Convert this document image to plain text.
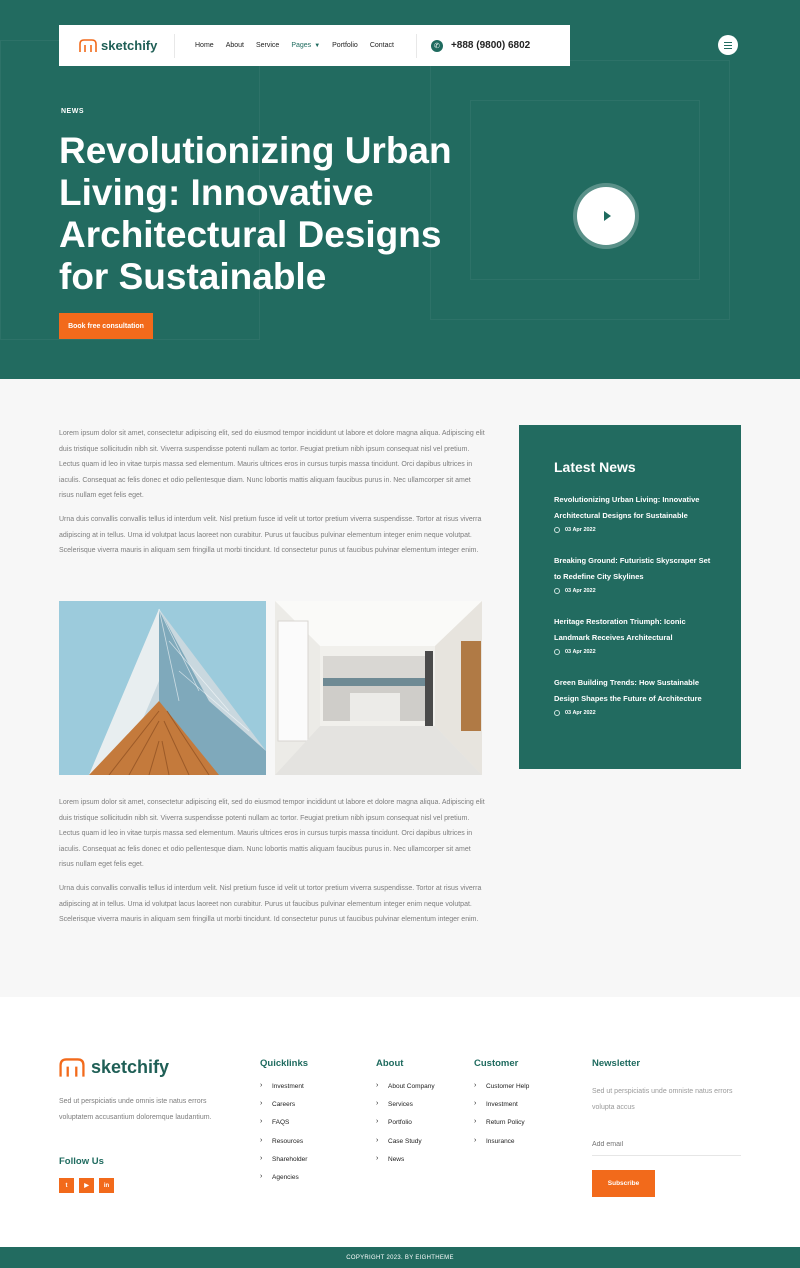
sketchify	Home About Service Pages ▼ Portfolio Contact	✆	+888 (9800) 6802
NEWS
Revolutionizing Urban Living: Innovative Architectural Designs for Sustainable
Book free consultation

Lorem ipsum dolor sit amet, consectetur adipiscing elit, sed do eiusmod tempor incididunt ut labore et dolore magna aliqua. Adipiscing elit duis tristique sollicitudin nibh sit. Viverra suspendisse potenti nullam ac tortor. Feugiat pretium nibh ipsum consequat nisl vel pretium. Lectus quam id leo in vitae turpis massa sed elementum. Mauris ultrices eros in cursus turpis massa tincidunt. Orci dapibus ultrices in iaculis. Consequat ac felis donec et odio pellentesque diam. Nunc lobortis mattis aliquam faucibus purus in. Nec ullamcorper sit amet risus nullam eget felis eget.

Urna duis convallis convallis tellus id interdum velit. Nisl pretium fusce id velit ut tortor pretium viverra suspendisse. Tortor at risus viverra adipiscing at in tellus. Urna id volutpat lacus laoreet non curabitur. Purus ut faucibus pulvinar elementum integer enim neque volutpat. Scelerisque viverra mauris in aliquam sem fringilla ut morbi tincidunt. Id consectetur purus ut faucibus pulvinar elementum integer enim.

Lorem ipsum dolor sit amet, consectetur adipiscing elit, sed do eiusmod tempor incididunt ut labore et dolore magna aliqua. Adipiscing elit duis tristique sollicitudin nibh sit. Viverra suspendisse potenti nullam ac tortor. Feugiat pretium nibh ipsum consequat nisl vel pretium. Lectus quam id leo in vitae turpis massa sed elementum. Mauris ultrices eros in cursus turpis massa tincidunt. Orci dapibus ultrices in iaculis. Consequat ac felis donec et odio pellentesque diam. Nunc lobortis mattis aliquam faucibus purus in. Nec ullamcorper sit amet risus nullam eget felis eget.

Urna duis convallis convallis tellus id interdum velit. Nisl pretium fusce id velit ut tortor pretium viverra suspendisse. Tortor at risus viverra adipiscing at in tellus. Urna id volutpat lacus laoreet non curabitur. Purus ut faucibus pulvinar elementum integer enim neque volutpat. Scelerisque viverra mauris in aliquam sem fringilla ut morbi tincidunt. Id consectetur purus ut faucibus pulvinar elementum integer enim.

Latest News
Revolutionizing Urban Living: Innovative Architectural Designs for Sustainable
03 Apr 2022
Breaking Ground: Futuristic Skyscraper Set to Redefine City Skylines
03 Apr 2022
Heritage Restoration Triumph: Iconic Landmark Receives Architectural
03 Apr 2022
Green Building Trends: How Sustainable Design Shapes the Future of Architecture
03 Apr 2022
sketchify

Sed ut perspiciatis unde omnis iste natus errors voluptatem accusantium doloremque laudantium.

Follow Us
t	▶	in
Quicklinks
›	Investment
›	Careers
›	FAQS
›	Resources
›	Shareholder
›	Agencies
About
›	About Company
›	Services
›	Portfolio
›	Case Study
›	News
Customer
›	Customer Help
›	Investment
›	Return Policy
›	Insurance
Newsletter

Sed ut perspiciatis unde omniste natus errors volupta accus

Add email
Subscribe
COPYRIGHT 2023. BY EIGHTHEME
